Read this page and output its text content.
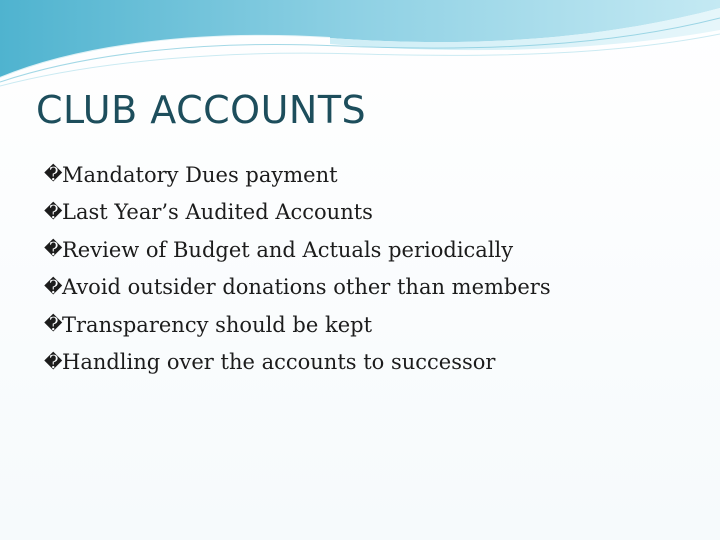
CLUB ACCOUNTS
� Mandatory Dues payment
� Last Year’s Audited Accounts
� Review of Budget and Actuals periodically
� Avoid outsider donations other than members
� Transparency should be kept
� Handling over the accounts to successor
